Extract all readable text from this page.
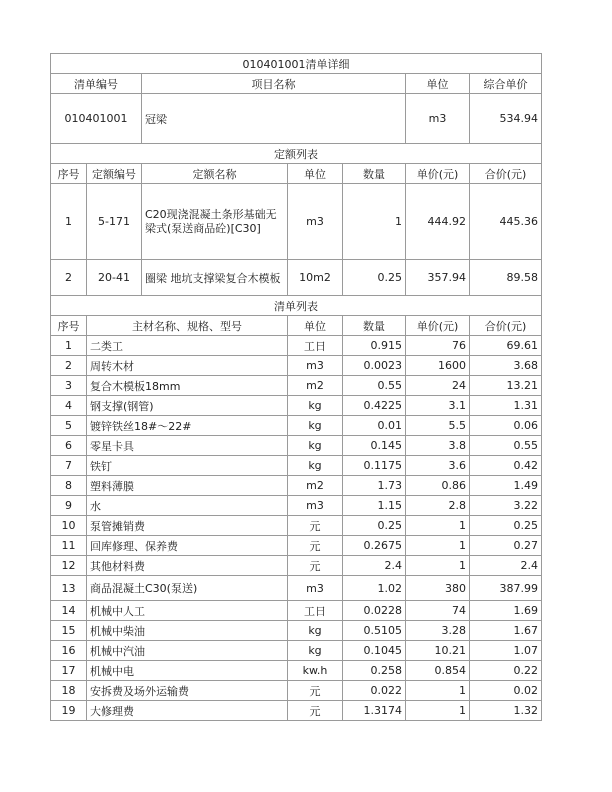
010401001清单详细						
清单编号		项目名称			单位	综合单价
010401001		冠梁			m3	534.94
定额列表						
序号	定额编号	定额名称	单位	数量	单价(元)	合价(元)
1	5-171	C20现浇混凝土条形基础无梁式(泵送商品砼)[C30]	m3	1	444.92	445.36
2	20-41	圈梁 地坑支撑梁复合木模板	10m2	0.25	357.94	89.58
清单列表						
序号	主材名称、规格、型号		单位	数量	单价(元)	合价(元)
1	二类工		工日	0.915	76	69.61
2	周转木材		m3	0.0023	1600	3.68
3	复合木模板18mm		m2	0.55	24	13.21
4	钢支撑(钢管)		kg	0.4225	3.1	1.31
5	镀锌铁丝18#～22#		kg	0.01	5.5	0.06
6	零星卡具		kg	0.145	3.8	0.55
7	铁钉		kg	0.1175	3.6	0.42
8	塑料薄膜		m2	1.73	0.86	1.49
9	水		m3	1.15	2.8	3.22
10	泵管摊销费		元	0.25	1	0.25
11	回库修理、保养费		元	0.2675	1	0.27
12	其他材料费		元	2.4	1	2.4
13	商品混凝土C30(泵送)		m3	1.02	380	387.99
14	机械中人工		工日	0.0228	74	1.69
15	机械中柴油		kg	0.5105	3.28	1.67
16	机械中汽油		kg	0.1045	10.21	1.07
17	机械中电		kw.h	0.258	0.854	0.22
18	安拆费及场外运输费		元	0.022	1	0.02
19	大修理费		元	1.3174	1	1.32
